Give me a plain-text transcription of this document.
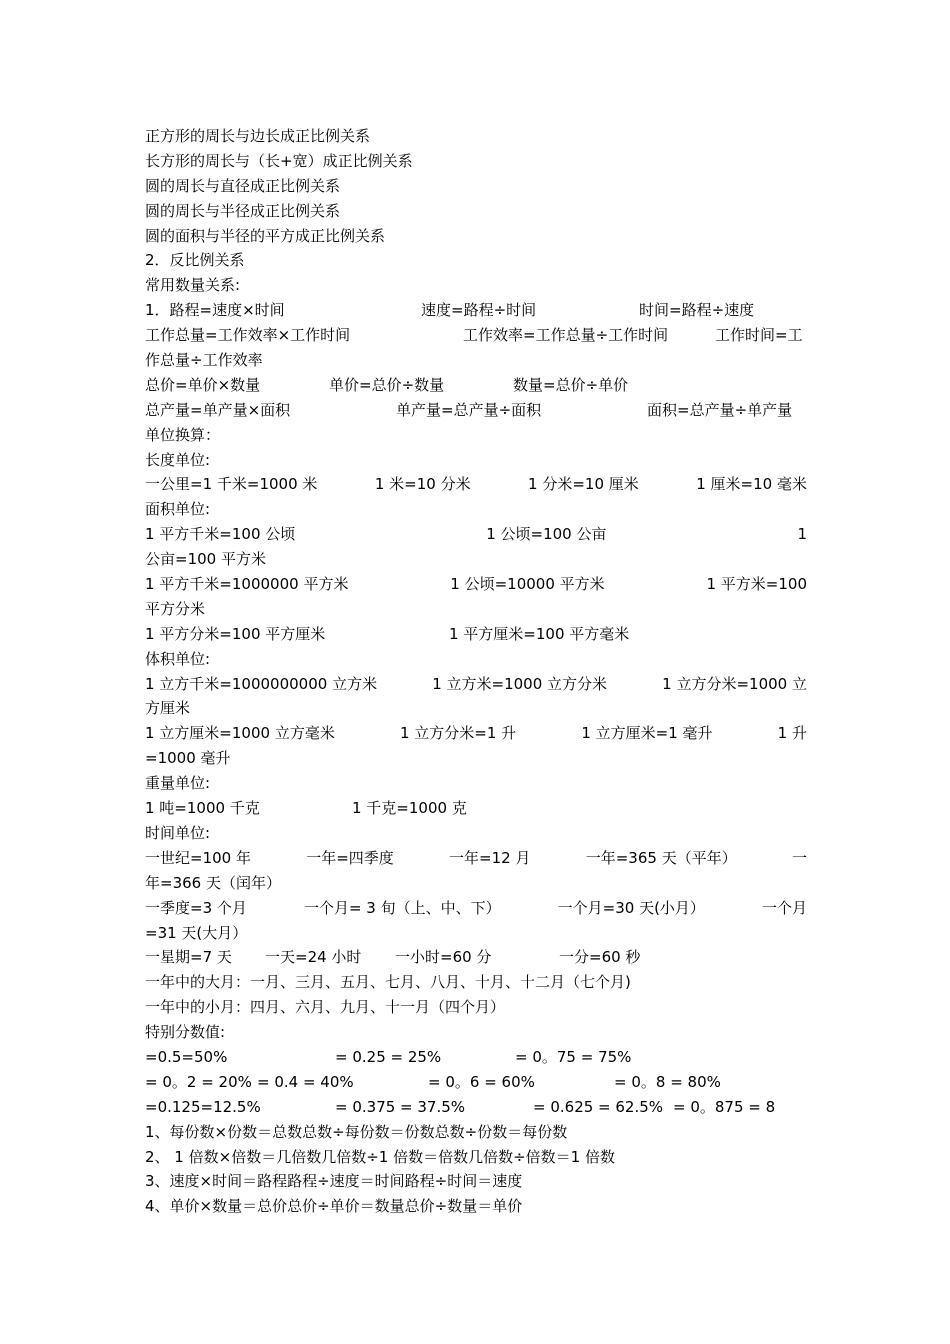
正方形的周长与边长成正比例关系
长方形的周长与（长+宽）成正比例关系
圆的周长与直径成正比例关系
圆的周长与半径成正比例关系
圆的面积与半径的平方成正比例关系
2．反比例关系
常用数量关系:
1．路程=速度×时间	速度=路程÷时间	时间=路程÷速度
工作总量=工作效率×工作时间	工作效率=工作总量÷工作时间	工作时间=工
作总量÷工作效率
总价=单价×数量	单价=总价÷数量	数量=总价÷单价
总产量=单产量×面积	单产量=总产量÷面积	面积=总产量÷单产量
单位换算：
长度单位:
一公里=1 千米=1000 米	1 米=10 分米	1 分米=10 厘米	1 厘米=10 毫米
面积单位:
1 平方千米=100 公顷	1 公顷=100 公亩	1
公亩=100 平方米
1 平方千米=1000000 平方米	1 公顷=10000 平方米	1 平方米=100
平方分米
1 平方分米=100 平方厘米	1 平方厘米=100 平方毫米
体积单位:
1 立方千米=1000000000 立方米	1 立方米=1000 立方分米	1 立方分米=1000 立
方厘米
1 立方厘米=1000 立方毫米	1 立方分米=1 升	1 立方厘米=1 毫升	1 升
=1000 毫升
重量单位:
1 吨=1000 千克	1 千克=1000 克
时间单位:
一世纪=100 年	一年=四季度	一年=12 月	一年=365 天（平年）	一
年=366 天（闰年）
一季度=3 个月	一个月= 3 旬（上、中、下）	一个月=30 天(小月）	一个月
=31 天(大月）
一星期=7 天 一天=24 小时 一小时=60 分	一分=60 秒
一年中的大月：一月、三月、五月、七月、八月、十月、十二月（七个月)
一年中的小月：四月、六月、九月、十一月（四个月）
特别分数值:
=0.5=50%	= 0.25 = 25%	= 0。75 = 75%
= 0。2 = 20% = 0.4 = 40%	= 0。6 = 60%	= 0。8 = 80%
=0.125=12.5%	= 0.375 = 37.5%	= 0.625 = 62.5% = 0。875 = 8
1、每份数×份数＝总数总数÷每份数＝份数总数÷份数＝每份数
2、 1 倍数×倍数＝几倍数几倍数÷1 倍数＝倍数几倍数÷倍数＝1 倍数
3、速度×时间＝路程路程÷速度＝时间路程÷时间＝速度
4、单价×数量＝总价总价÷单价＝数量总价÷数量＝单价
